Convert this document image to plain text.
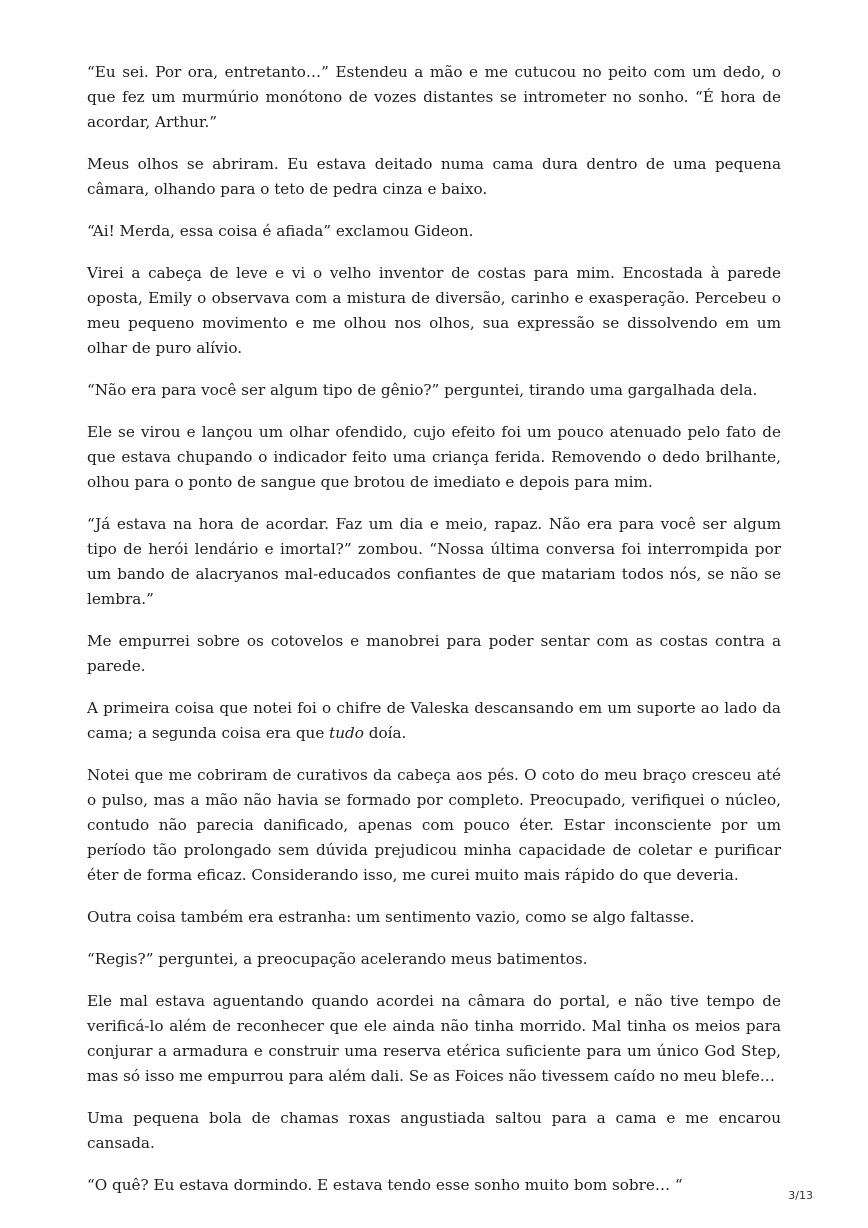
“Eu sei. Por ora, entretanto…” Estendeu a mão e me cutucou no peito com um dedo, o que fez um murmúrio monótono de vozes distantes se intrometer no sonho. “É hora de acordar, Arthur.”

Meus olhos se abriram. Eu estava deitado numa cama dura dentro de uma pequena câmara, olhando para o teto de pedra cinza e baixo.

“Ai! Merda, essa coisa é afiada” exclamou Gideon.

Virei a cabeça de leve e vi o velho inventor de costas para mim. Encostada à parede oposta, Emily o observava com a mistura de diversão, carinho e exasperação. Percebeu o meu pequeno movimento e me olhou nos olhos, sua expressão se dissolvendo em um olhar de puro alívio.

“Não era para você ser algum tipo de gênio?” perguntei, tirando uma gargalhada dela.

Ele se virou e lançou um olhar ofendido, cujo efeito foi um pouco atenuado pelo fato de que estava chupando o indicador feito uma criança ferida. Removendo o dedo brilhante, olhou para o ponto de sangue que brotou de imediato e depois para mim.

“Já estava na hora de acordar. Faz um dia e meio, rapaz. Não era para você ser algum tipo de herói lendário e imortal?” zombou. “Nossa última conversa foi interrompida por um bando de alacryanos mal-educados confiantes de que matariam todos nós, se não se lembra.”

Me empurrei sobre os cotovelos e manobrei para poder sentar com as costas contra a parede.

A primeira coisa que notei foi o chifre de Valeska descansando em um suporte ao lado da cama; a segunda coisa era que tudo doía.

Notei que me cobriram de curativos da cabeça aos pés. O coto do meu braço cresceu até o pulso, mas a mão não havia se formado por completo. Preocupado, verifiquei o núcleo, contudo não parecia danificado, apenas com pouco éter. Estar inconsciente por um período tão prolongado sem dúvida prejudicou minha capacidade de coletar e purificar éter de forma eficaz. Considerando isso, me curei muito mais rápido do que deveria.

Outra coisa também era estranha: um sentimento vazio, como se algo faltasse.

“Regis?” perguntei, a preocupação acelerando meus batimentos.

Ele mal estava aguentando quando acordei na câmara do portal, e não tive tempo de verificá-lo além de reconhecer que ele ainda não tinha morrido. Mal tinha os meios para conjurar a armadura e construir uma reserva etérica suficiente para um único God Step, mas só isso me empurrou para além dali. Se as Foices não tivessem caído no meu blefe…

Uma pequena bola de chamas roxas angustiada saltou para a cama e me encarou cansada.

“O quê? Eu estava dormindo. E estava tendo esse sonho muito bom sobre… “

3/13
